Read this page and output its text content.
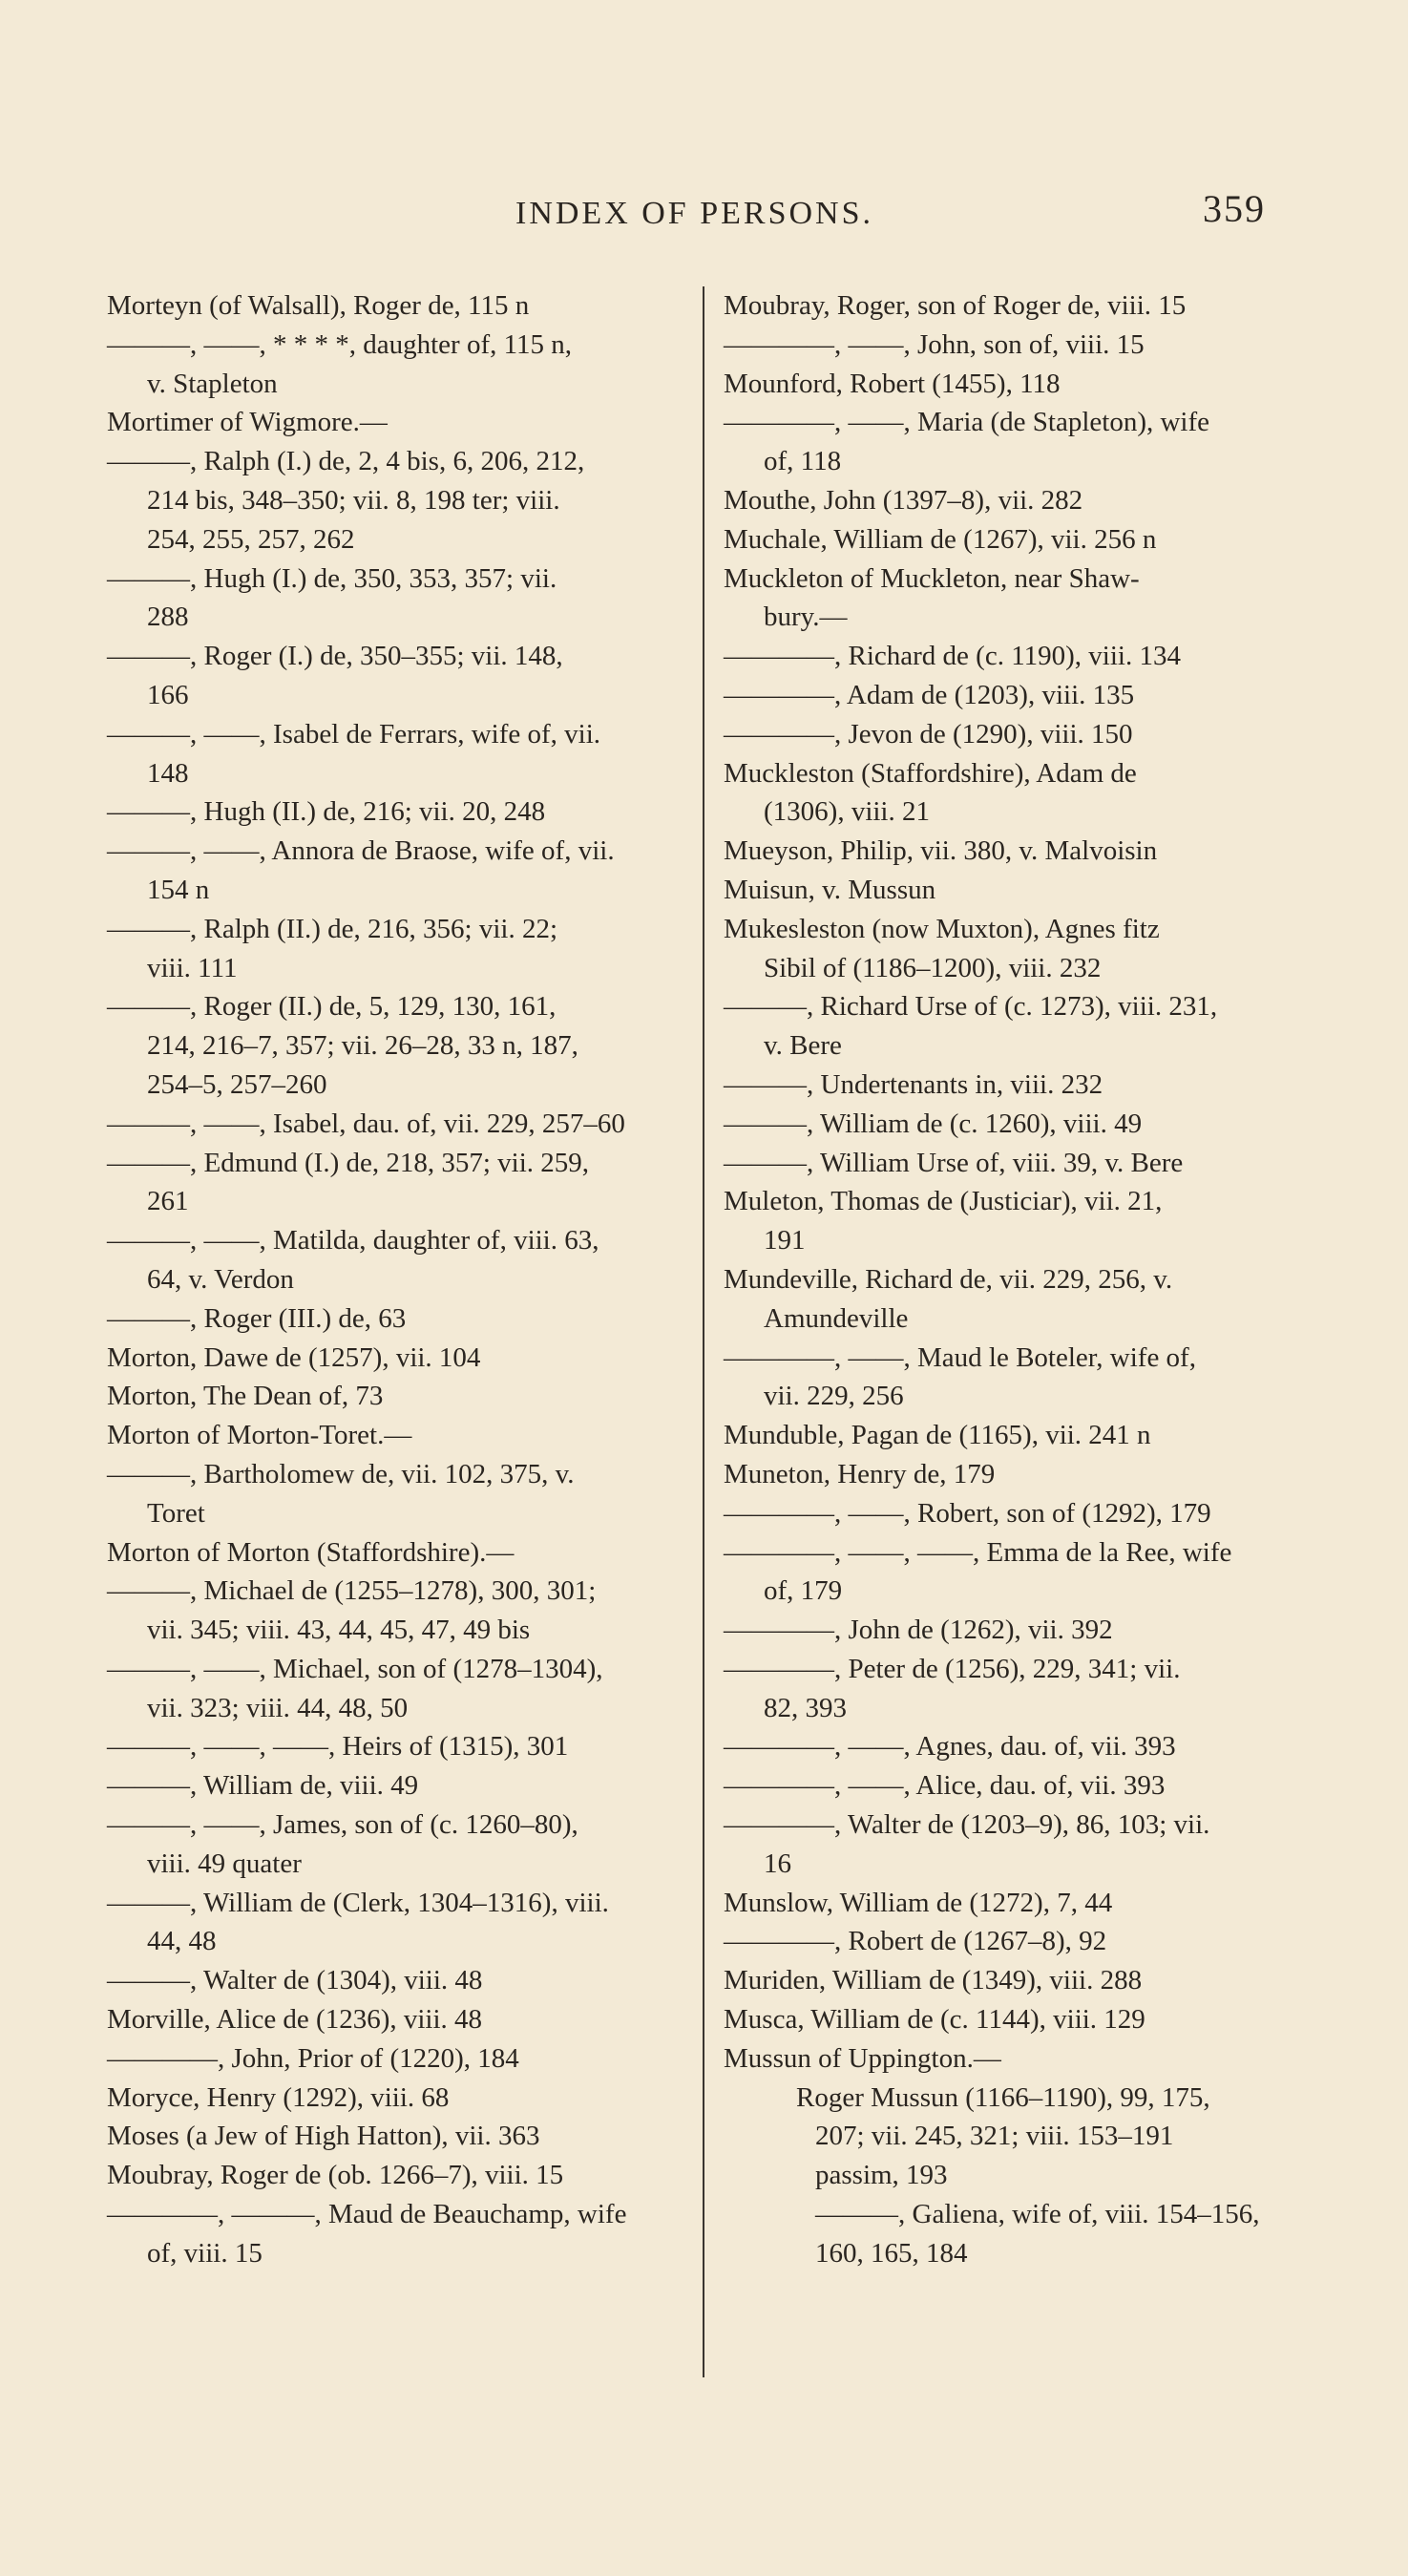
INDEX OF PERSONS.	359
Morteyn (of Walsall), Roger de, 115 n
———, ——, * * * *, daughter of, 115 n,
v. Stapleton
Mortimer of Wigmore.—
———, Ralph (I.) de, 2, 4 bis, 6, 206, 212,
214 bis, 348–350; vii. 8, 198 ter; viii.
254, 255, 257, 262
———, Hugh (I.) de, 350, 353, 357; vii.
288
———, Roger (I.) de, 350–355; vii. 148,
166
———, ——, Isabel de Ferrars, wife of, vii.
148
———, Hugh (II.) de, 216; vii. 20, 248
———, ——, Annora de Braose, wife of, vii.
154 n
———, Ralph (II.) de, 216, 356; vii. 22;
viii. 111
———, Roger (II.) de, 5, 129, 130, 161,
214, 216–7, 357; vii. 26–28, 33 n, 187,
254–5, 257–260
———, ——, Isabel, dau. of, vii. 229, 257–60
———, Edmund (I.) de, 218, 357; vii. 259,
261
———, ——, Matilda, daughter of, viii. 63,
64, v. Verdon
———, Roger (III.) de, 63
Morton, Dawe de (1257), vii. 104
Morton, The Dean of, 73
Morton of Morton-Toret.—
———, Bartholomew de, vii. 102, 375, v.
Toret
Morton of Morton (Staffordshire).—
———, Michael de (1255–1278), 300, 301;
vii. 345; viii. 43, 44, 45, 47, 49 bis
———, ——, Michael, son of (1278–1304),
vii. 323; viii. 44, 48, 50
———, ——, ——, Heirs of (1315), 301
———, William de, viii. 49
———, ——, James, son of (c. 1260–80),
viii. 49 quater
———, William de (Clerk, 1304–1316), viii.
44, 48
———, Walter de (1304), viii. 48
Morville, Alice de (1236), viii. 48
————, John, Prior of (1220), 184
Moryce, Henry (1292), viii. 68
Moses (a Jew of High Hatton), vii. 363
Moubray, Roger de (ob. 1266–7), viii. 15
————, ———, Maud de Beauchamp, wife
of, viii. 15
Moubray, Roger, son of Roger de, viii. 15
————, ——, John, son of, viii. 15
Mounford, Robert (1455), 118
————, ——, Maria (de Stapleton), wife
of, 118
Mouthe, John (1397–8), vii. 282
Muchale, William de (1267), vii. 256 n
Muckleton of Muckleton, near Shaw-
bury.—
————, Richard de (c. 1190), viii. 134
————, Adam de (1203), viii. 135
————, Jevon de (1290), viii. 150
Muckleston (Staffordshire), Adam de
(1306), viii. 21
Mueyson, Philip, vii. 380, v. Malvoisin
Muisun, v. Mussun
Mukesleston (now Muxton), Agnes fitz
Sibil of (1186–1200), viii. 232
———, Richard Urse of (c. 1273), viii. 231,
v. Bere
———, Undertenants in, viii. 232
———, William de (c. 1260), viii. 49
———, William Urse of, viii. 39, v. Bere
Muleton, Thomas de (Justiciar), vii. 21,
191
Mundeville, Richard de, vii. 229, 256, v.
Amundeville
————, ——, Maud le Boteler, wife of,
vii. 229, 256
Munduble, Pagan de (1165), vii. 241 n
Muneton, Henry de, 179
————, ——, Robert, son of (1292), 179
————, ——, ——, Emma de la Ree, wife
of, 179
————, John de (1262), vii. 392
————, Peter de (1256), 229, 341; vii.
82, 393
————, ——, Agnes, dau. of, vii. 393
————, ——, Alice, dau. of, vii. 393
————, Walter de (1203–9), 86, 103; vii.
16
Munslow, William de (1272), 7, 44
————, Robert de (1267–8), 92
Muriden, William de (1349), viii. 288
Musca, William de (c. 1144), viii. 129
Mussun of Uppington.—
Roger Mussun (1166–1190), 99, 175,
207; vii. 245, 321; viii. 153–191
passim, 193
———, Galiena, wife of, viii. 154–156,
160, 165, 184
